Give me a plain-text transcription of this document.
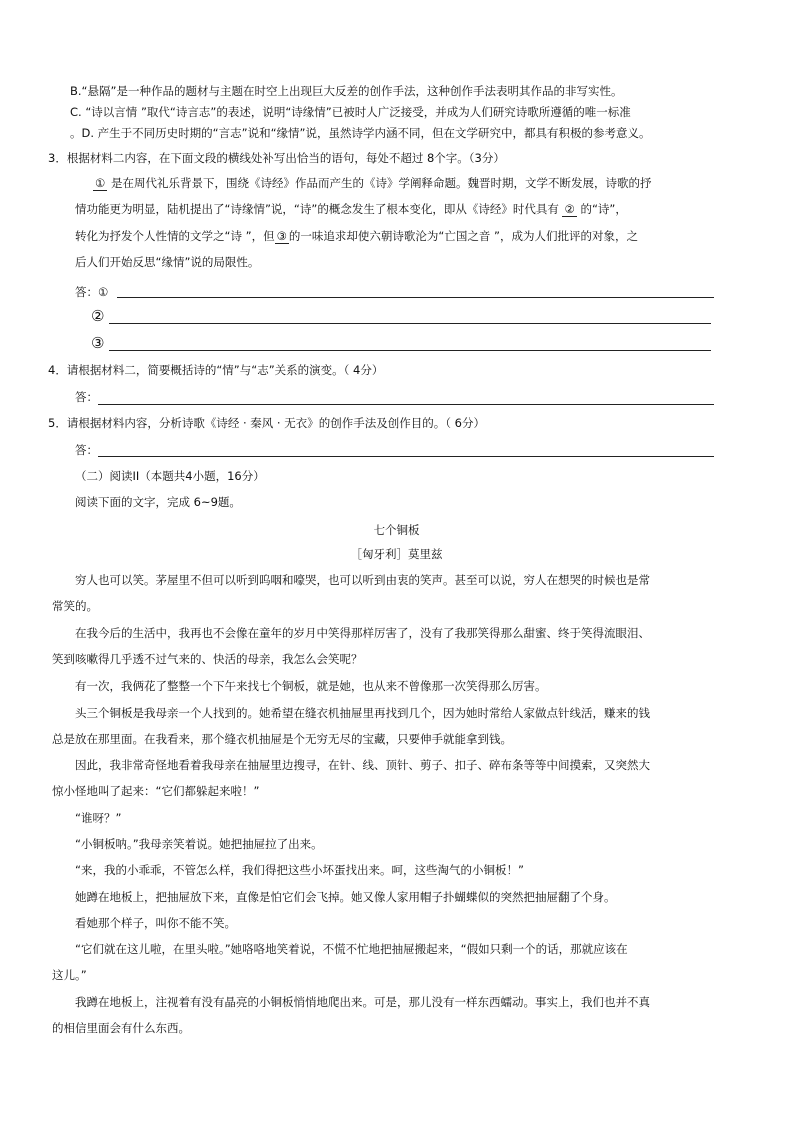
B.“悬隔”是一种作品的题材与主题在时空上出现巨大反差的创作手法，这种创作手法表明其作品的非写实性。
C. “诗以言情 ”取代“诗言志”的表述，说明“诗缘情”已被时人广泛接受，并成为人们研究诗歌所遵循的唯一标准
。D. 产生于不同历史时期的“言志”说和“缘情”说，虽然诗学内涵不同，但在文学研究中，都具有积极的参考意义。
3．根据材料二内容，在下面文段的横线处补写出恰当的语句，每处不超过 8个字。（3分）
① 是在周代礼乐背景下，围绕《诗经》作品而产生的《诗》学阐释命题。魏晋时期，文学不断发展，诗歌的抒
情功能更为明显，陆机提出了“诗缘情”说，“诗”的概念发生了根本变化，即从《诗经》时代具有 ② 的“诗”，
转化为抒发个人性情的文学之“诗 ”，但 ③ 的一味追求却使六朝诗歌沦为“亡国之音 ”，成为人们批评的对象，之
后人们开始反思“缘情”说的局限性。
答：①
②
③
4．请根据材料二，简要概括诗的“情”与“志”关系的演变。（ 4分）
答：
5．请根据材料内容，分析诗歌《诗经 · 秦风 · 无衣》的创作手法及创作目的。（ 6分）
答：
（二）阅读II（本题共4小题，16分）
阅读下面的文字，完成 6~9题。
七个铜板
［匈牙利］莫里兹
穷人也可以笑。茅屋里不但可以听到呜咽和嚎哭，也可以听到由衷的笑声。甚至可以说，穷人在想哭的时候也是常
常笑的。
在我今后的生活中，我再也不会像在童年的岁月中笑得那样厉害了，没有了我那笑得那么甜蜜、终于笑得流眼泪、
笑到咳嗽得几乎透不过气来的、快活的母亲，我怎么会笑呢？
有一次，我俩花了整整一个下午来找七个铜板，就是她，也从来不曾像那一次笑得那么厉害。
头三个铜板是我母亲一个人找到的。她希望在缝衣机抽屉里再找到几个，因为她时常给人家做点针线活，赚来的钱
总是放在那里面。在我看来，那个缝衣机抽屉是个无穷无尽的宝藏，只要伸手就能拿到钱。
因此，我非常奇怪地看着我母亲在抽屉里边搜寻，在针、线、顶针、剪子、扣子、碎布条等等中间摸索，又突然大
惊小怪地叫了起来：“它们都躲起来啦！”
“谁呀？”
“小铜板呐。”我母亲笑着说。她把抽屉拉了出来。
“来，我的小乖乖，不管怎么样，我们得把这些小坏蛋找出来。呵，这些淘气的小铜板！”
她蹲在地板上，把抽屉放下来，直像是怕它们会飞掉。她又像人家用帽子扑蝴蝶似的突然把抽屉翻了个身。
看她那个样子，叫你不能不笑。
“它们就在这儿啦，在里头啦。”她咯咯地笑着说，不慌不忙地把抽屉搬起来，“假如只剩一个的话，那就应该在
这儿。”
我蹲在地板上，注视着有没有晶亮的小铜板悄悄地爬出来。可是，那儿没有一样东西蠕动。事实上，我们也并不真
的相信里面会有什么东西。
